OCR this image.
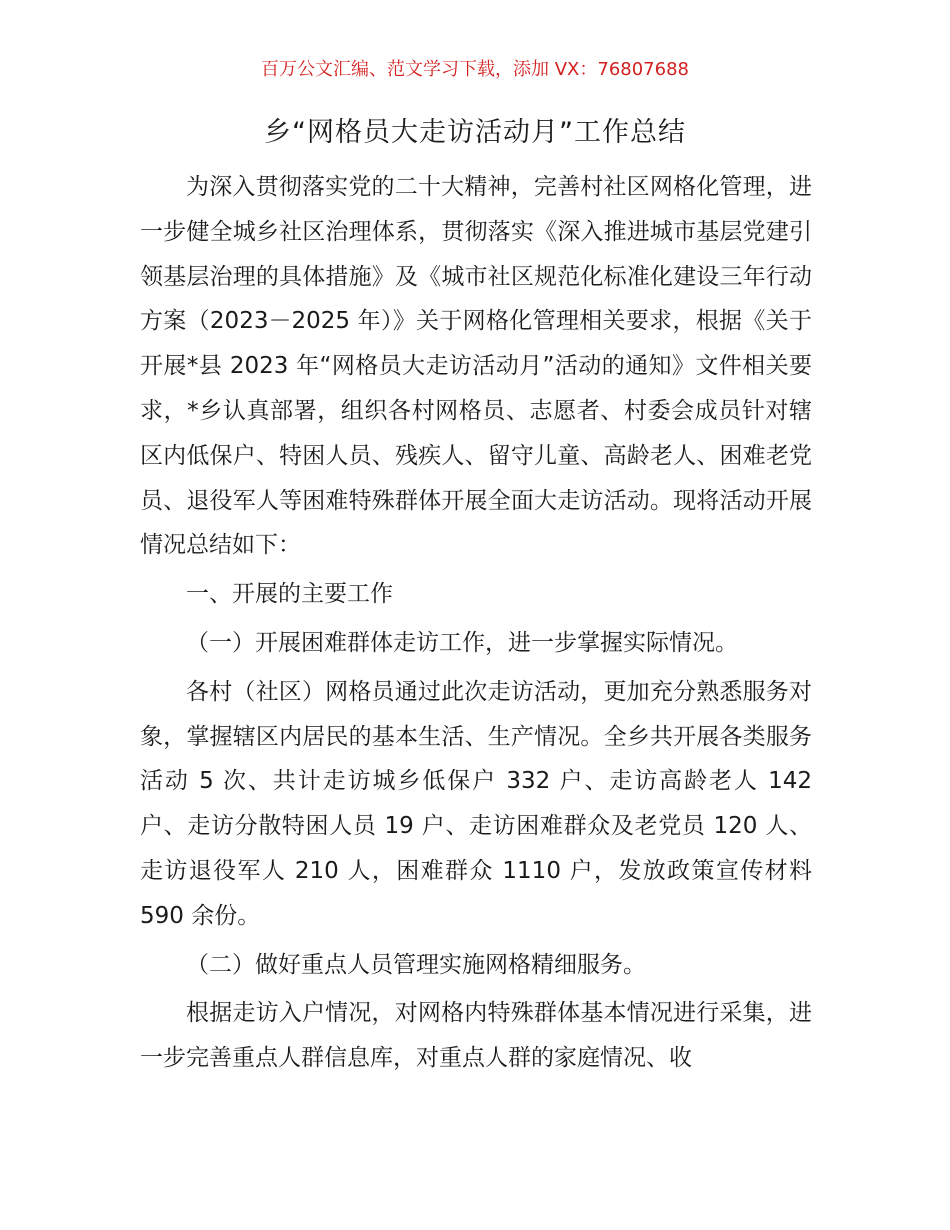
百万公文汇编、范文学习下载，添加 VX：76807688
乡“网格员大走访活动月”工作总结

为深入贯彻落实党的二十大精神，完善村社区网格化管理，进一步健全城乡社区治理体系，贯彻落实《深入推进城市基层党建引领基层治理的具体措施》及《城市社区规范化标准化建设三年行动方案（2023－2025 年）》关于网格化管理相关要求，根据《关于开展*县 2023 年“网格员大走访活动月”活动的通知》文件相关要求，*乡认真部署，组织各村网格员、志愿者、村委会成员针对辖区内低保户、特困人员、残疾人、留守儿童、高龄老人、困难老党员、退役军人等困难特殊群体开展全面大走访活动。现将活动开展情况总结如下：

一、开展的主要工作

（一）开展困难群体走访工作，进一步掌握实际情况。

各村（社区）网格员通过此次走访活动，更加充分熟悉服务对象，掌握辖区内居民的基本生活、生产情况。全乡共开展各类服务活动 5 次、共计走访城乡低保户 332 户、走访高龄老人 142 户、走访分散特困人员 19 户、走访困难群众及老党员 120 人、走访退役军人 210 人，困难群众 1110 户，发放政策宣传材料 590 余份。

（二）做好重点人员管理实施网格精细服务。

根据走访入户情况，对网格内特殊群体基本情况进行采集，进一步完善重点人群信息库，对重点人群的家庭情况、收
